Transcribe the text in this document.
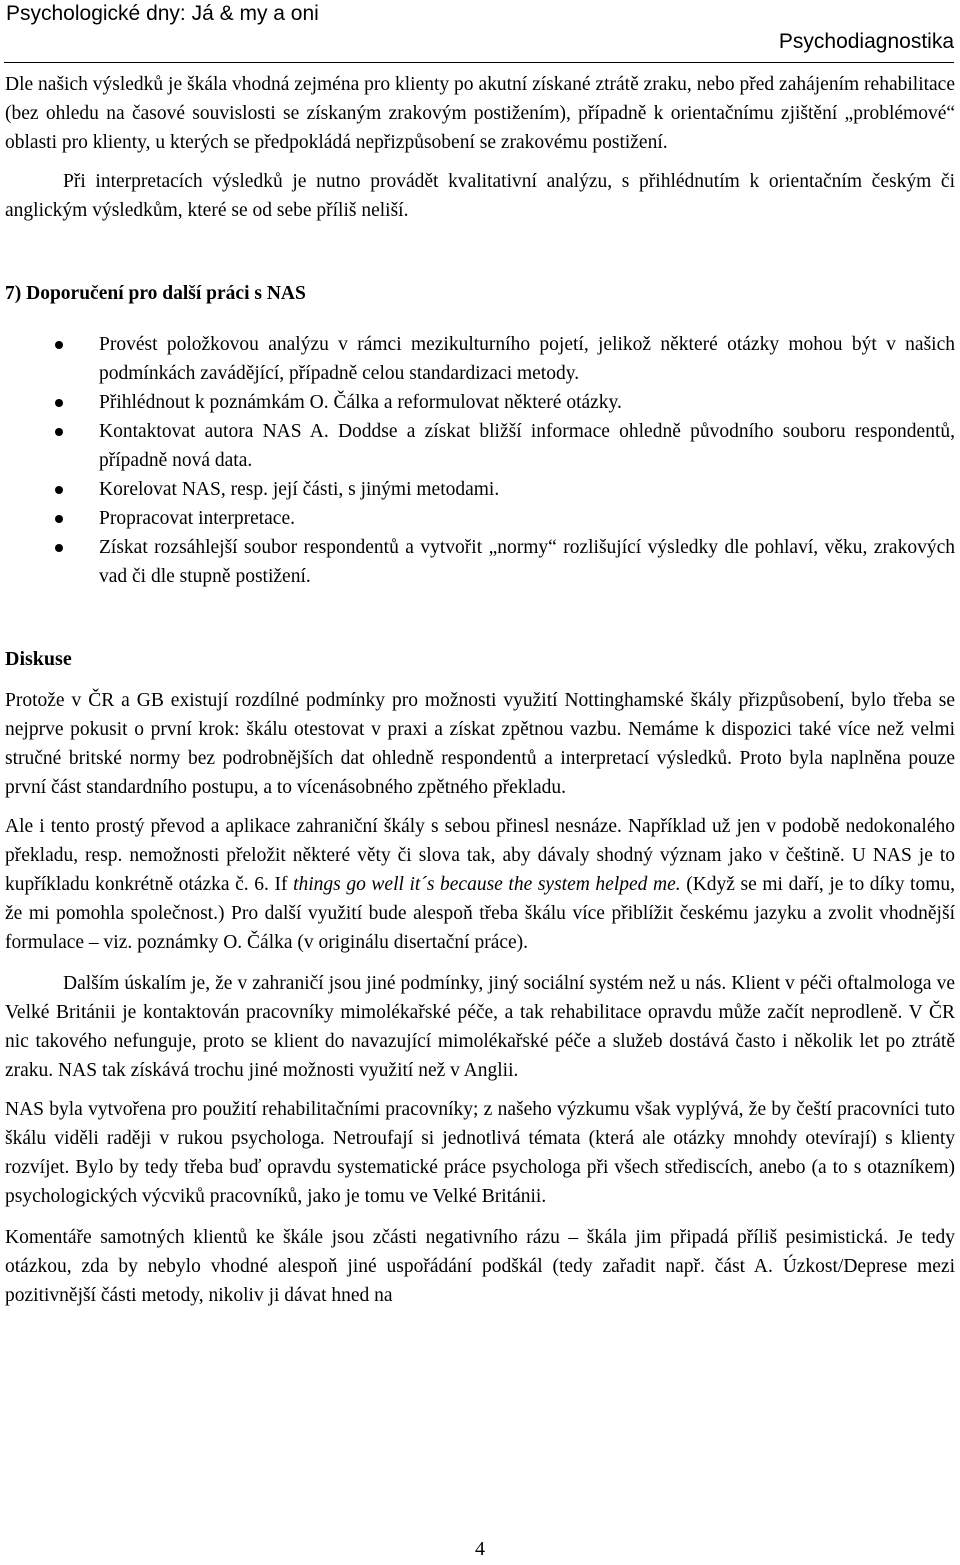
Psychologické dny: Já & my a oni
Psychodiagnostika

Dle našich výsledků je škála vhodná zejména pro klienty po akutní získané ztrátě zraku, nebo před zahájením rehabilitace (bez ohledu na časové souvislosti se získaným zrakovým postižením), případně k orientačnímu zjištění „problémové“ oblasti pro klienty, u kterých se předpokládá nepřizpůsobení se zrakovému postižení.

Při interpretacích výsledků je nutno provádět kvalitativní analýzu, s přihlédnutím k orientačním českým či anglickým výsledkům, které se od sebe příliš neliší.

7) Doporučení pro další práci s NAS
Provést položkovou analýzu v rámci mezikulturního pojetí, jelikož některé otázky mohou být v našich podmínkách zavádějící, případně celou standardizaci metody.
Přihlédnout k poznámkám O. Čálka a reformulovat některé otázky.
Kontaktovat autora NAS A. Doddse a získat bližší informace ohledně původního souboru respondentů, případně nová data.
Korelovat NAS, resp. její části, s jinými metodami.
Propracovat interpretace.
Získat rozsáhlejší soubor respondentů a vytvořit „normy“ rozlišující výsledky dle pohlaví, věku, zrakových vad či dle stupně postižení.
Diskuse

Protože v ČR a GB existují rozdílné podmínky pro možnosti využití Nottinghamské škály přizpůsobení, bylo třeba se nejprve pokusit o první krok: škálu otestovat v praxi a získat zpětnou vazbu. Nemáme k dispozici také více než velmi stručné britské normy bez podrobnějších dat ohledně respondentů a interpretací výsledků. Proto byla naplněna pouze první část standardního postupu, a to vícenásobného zpětného překladu.

Ale i tento prostý převod a aplikace zahraniční škály s sebou přinesl nesnáze. Například už jen v podobě nedokonalého překladu, resp. nemožnosti přeložit některé věty či slova tak, aby dávaly shodný význam jako v češtině. U NAS je to kupříkladu konkrétně otázka č. 6. If things go well it´s because the system helped me. (Když se mi daří, je to díky tomu, že mi pomohla společnost.) Pro další využití bude alespoň třeba škálu více přiblížit českému jazyku a zvolit vhodnější formulace – viz. poznámky O. Čálka (v originálu disertační práce).

Dalším úskalím je, že v zahraničí jsou jiné podmínky, jiný sociální systém než u nás. Klient v péči oftalmologa ve Velké Británii je kontaktován pracovníky mimolékařské péče, a tak rehabilitace opravdu může začít neprodleně. V ČR nic takového nefunguje, proto se klient do navazující mimolékařské péče a služeb dostává často i několik let po ztrátě zraku. NAS tak získává trochu jiné možnosti využití než v Anglii.

NAS byla vytvořena pro použití rehabilitačními pracovníky; z našeho výzkumu však vyplývá, že by čeští pracovníci tuto škálu viděli raději v rukou psychologa. Netroufají si jednotlivá témata (která ale otázky mnohdy otevírají) s klienty rozvíjet. Bylo by tedy třeba buď opravdu systematické práce psychologa při všech střediscích, anebo (a to s otazníkem) psychologických výcviků pracovníků, jako je tomu ve Velké Británii.

Komentáře samotných klientů ke škále jsou zčásti negativního rázu – škála jim připadá příliš pesimistická. Je tedy otázkou, zda by nebylo vhodné alespoň jiné uspořádání podškál (tedy zařadit např. část A. Úzkost/Deprese mezi pozitivnější části metody, nikoliv ji dávat hned na

4
